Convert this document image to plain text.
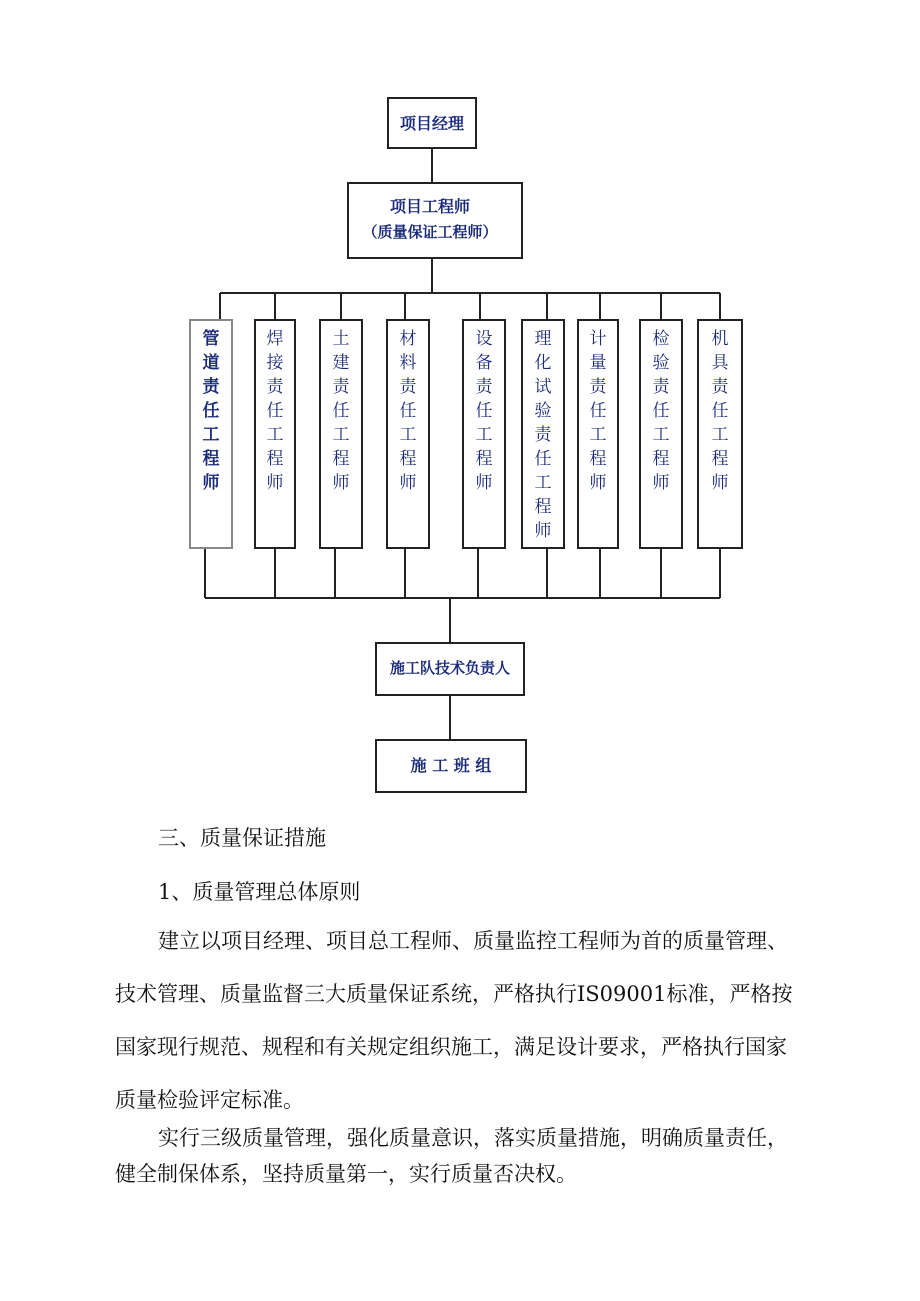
项目经理
项目工程师
（质量保证工程师）
管道责任工程师
焊接责任工程师
土建责任工程师
材料责任工程师
设备责任工程师
理化试验责任工程师
计量责任工程师
检验责任工程师
机具责任工程师
施工队技术负责人
施 工 班 组

三、质量保证措施

1、质量管理总体原则

建立以项目经理、项目总工程师、质量监控工程师为首的质量管理、技术管理、质量监督三大质量保证系统，严格执行IS09001标准，严格按国家现行规范、规程和有关规定组织施工，满足设计要求，严格执行国家质量检验评定标准。

实行三级质量管理，强化质量意识，落实质量措施，明确质量责任，健全制保体系，坚持质量第一，实行质量否决权。
